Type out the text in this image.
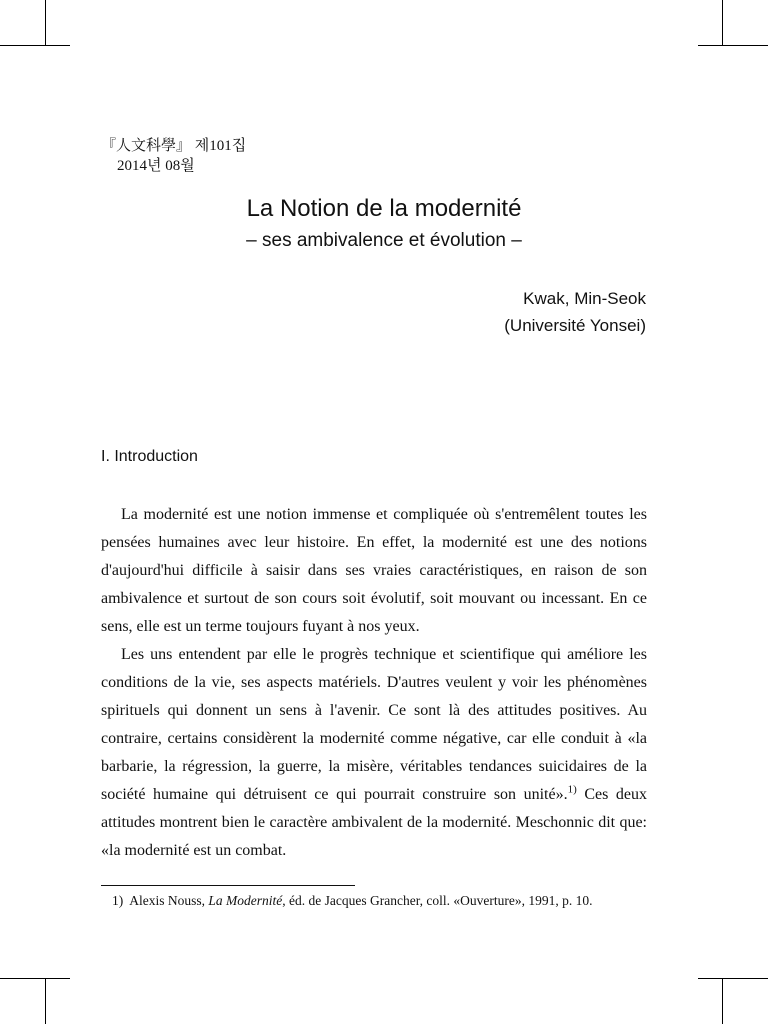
『人文科學』 제101집
2014년 08월
La Notion de la modernité
– ses ambivalence et évolution –
Kwak, Min-Seok
(Université Yonsei)
I. Introduction

La modernité est une notion immense et compliquée où s'entremêlent toutes les pensées humaines avec leur histoire. En effet, la modernité est une des notions d'aujourd'hui difficile à saisir dans ses vraies caractéristiques, en raison de son ambivalence et surtout de son cours soit évolutif, soit mouvant ou incessant. En ce sens, elle est un terme toujours fuyant à nos yeux.

Les uns entendent par elle le progrès technique et scientifique qui améliore les conditions de la vie, ses aspects matériels. D'autres veulent y voir les phénomènes spirituels qui donnent un sens à l'avenir. Ce sont là des attitudes positives. Au contraire, certains considèrent la modernité comme négative, car elle conduit à «la barbarie, la régression, la guerre, la misère, véritables tendances suicidaires de la société humaine qui détruisent ce qui pourrait construire son unité».$^{1)}$ Ces deux attitudes montrent bien le caractère ambivalent de la modernité. Meschonnic dit que: «la modernité est un combat.

1) Alexis Nouss, La Modernité, éd. de Jacques Grancher, coll. «Ouverture», 1991, p. 10.
